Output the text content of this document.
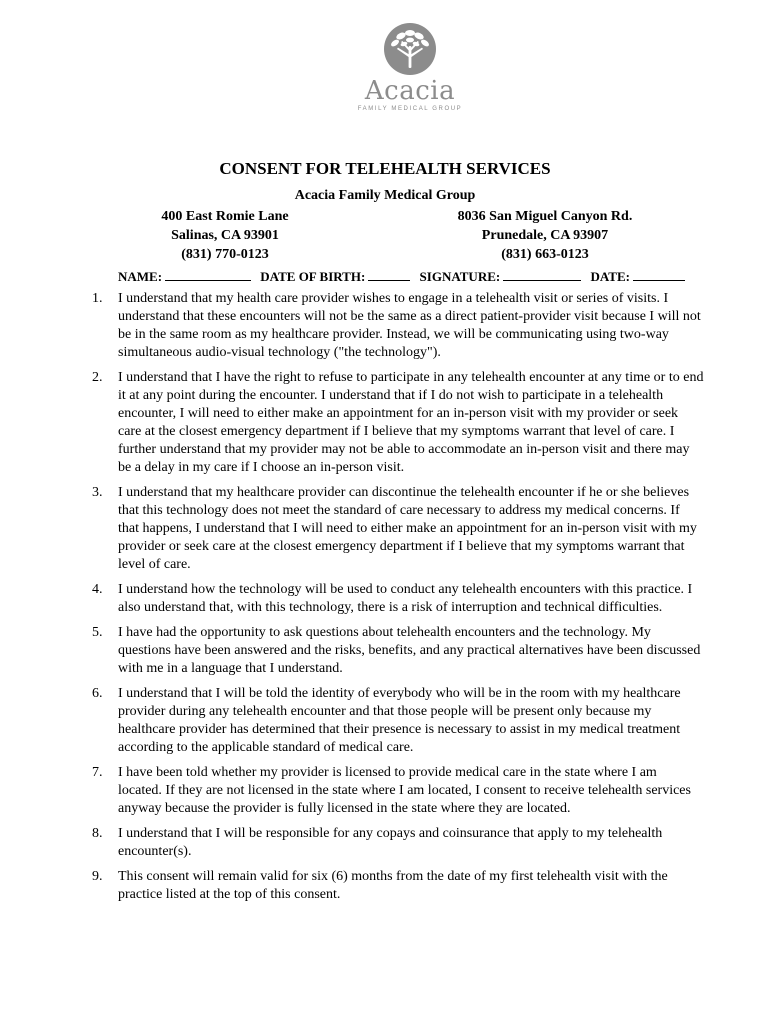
Acacia
FAMILY MEDICAL GROUP
CONSENT FOR TELEHEALTH SERVICES
Acacia Family Medical Group
400 East Romie Lane
Salinas, CA 93901
(831) 770-0123
8036 San Miguel Canyon Rd.
Prunedale, CA 93907
(831) 663-0123
NAME:	DATE OF BIRTH:	SIGNATURE:	DATE:
1.	I understand that my health care provider wishes to engage in a telehealth visit or series of visits. I understand that these encounters will not be the same as a direct patient-provider visit because I will not be in the same room as my healthcare provider. Instead, we will be communicating using two-way simultaneous audio-visual technology ("the technology").
2.	I understand that I have the right to refuse to participate in any telehealth encounter at any time or to end it at any point during the encounter. I understand that if I do not wish to participate in a telehealth encounter, I will need to either make an appointment for an in-person visit with my provider or seek care at the closest emergency department if I believe that my symptoms warrant that level of care. I further understand that my provider may not be able to accommodate an in-person visit and there may be a delay in my care if I choose an in-person visit.
3.	I understand that my healthcare provider can discontinue the telehealth encounter if he or she believes that this technology does not meet the standard of care necessary to address my medical concerns. If that happens, I understand that I will need to either make an appointment for an in-person visit with my provider or seek care at the closest emergency department if I believe that my symptoms warrant that level of care.
4.	I understand how the technology will be used to conduct any telehealth encounters with this practice. I also understand that, with this technology, there is a risk of interruption and technical difficulties.
5.	I have had the opportunity to ask questions about telehealth encounters and the technology. My questions have been answered and the risks, benefits, and any practical alternatives have been discussed with me in a language that I understand.
6.	I understand that I will be told the identity of everybody who will be in the room with my healthcare provider during any telehealth encounter and that those people will be present only because my healthcare provider has determined that their presence is necessary to assist in my medical treatment according to the applicable standard of medical care.
7.	I have been told whether my provider is licensed to provide medical care in the state where I am located. If they are not licensed in the state where I am located, I consent to receive telehealth services anyway because the provider is fully licensed in the state where they are located.
8.	I understand that I will be responsible for any copays and coinsurance that apply to my telehealth encounter(s).
9.	This consent will remain valid for six (6) months from the date of my first telehealth visit with the practice listed at the top of this consent.
